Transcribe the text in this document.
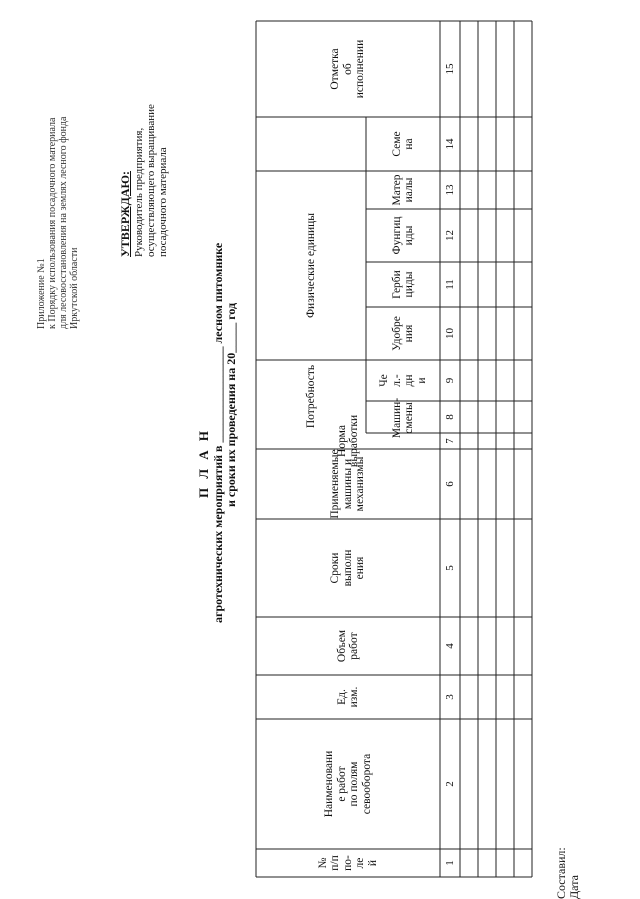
Приложение №1 к Порядку использования посадочного материала для лесовосстановления на землях лесного фонда Иркутской области
УТВЕРЖДАЮ: Руководитель предприятия, осуществляющего выращивание посадочного материала
П Л А Н агротехнических мероприятий в ________________ лесном питомнике и сроки их проведения на 20_____ год
Составил: Дата
№
п/п
по-
ле
й
Наименовани
е работ
по полям
севооборота
Ед.
изм.
Объем
работ
Сроки
выполн
ения
Применяемые
машины и
механизмы
Норма
выработки
Потребность	Машин-
смены
Че
л.-
дн
и
Физические единицы
Удобре
ния
Герби
циды
Фунгиц
иды
Матер
иалы
Семе
на
Отметка
об
исполнении
1
2
3
4
5
6
7
8
9
10
11
12
13
14
15
